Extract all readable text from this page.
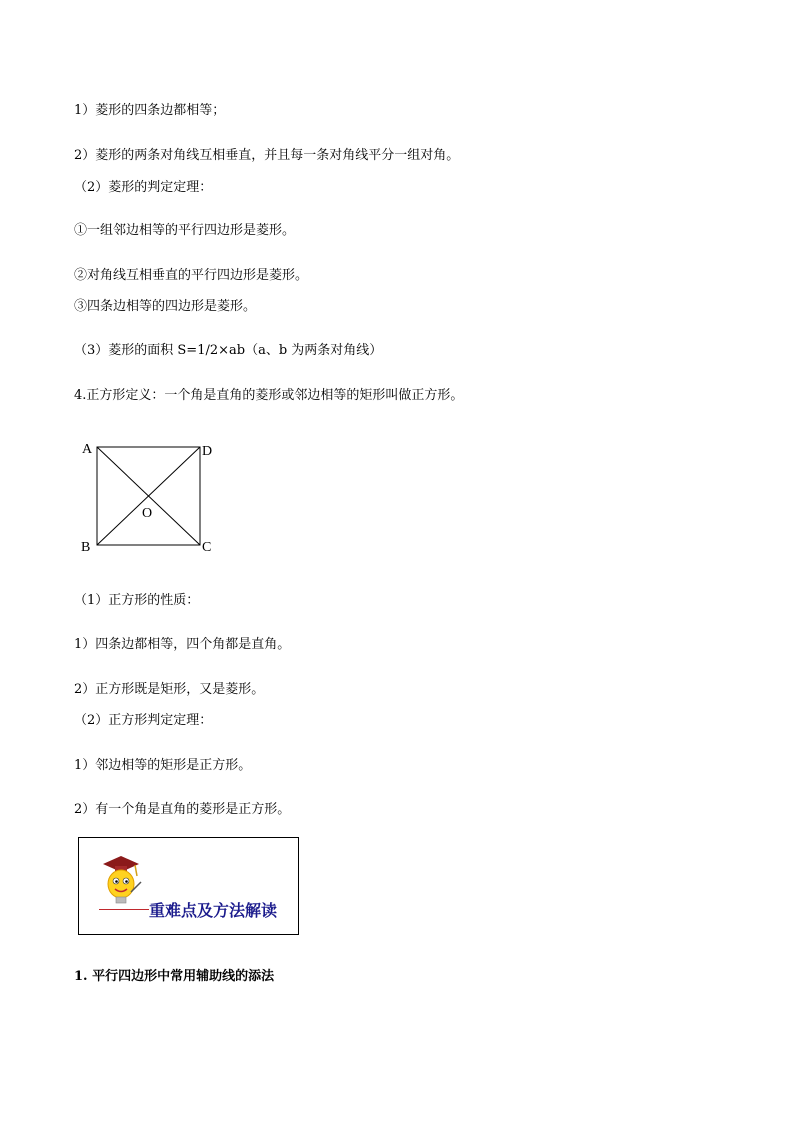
1）菱形的四条边都相等；
2）菱形的两条对角线互相垂直，并且每一条对角线平分一组对角。
（2）菱形的判定定理：
①一组邻边相等的平行四边形是菱形。
②对角线互相垂直的平行四边形是菱形。
③四条边相等的四边形是菱形。
（3）菱形的面积 S=1/2×ab（a、b 为两条对角线）
4.正方形定义：一个角是直角的菱形或邻边相等的矩形叫做正方形。
A	D
B	C
O
（1）正方形的性质：
1）四条边都相等，四个角都是直角。
2）正方形既是矩形，又是菱形。
（2）正方形判定定理：
1）邻边相等的矩形是正方形。
2）有一个角是直角的菱形是正方形。
重难点及方法解读
1. 平行四边形中常用辅助线的添法
